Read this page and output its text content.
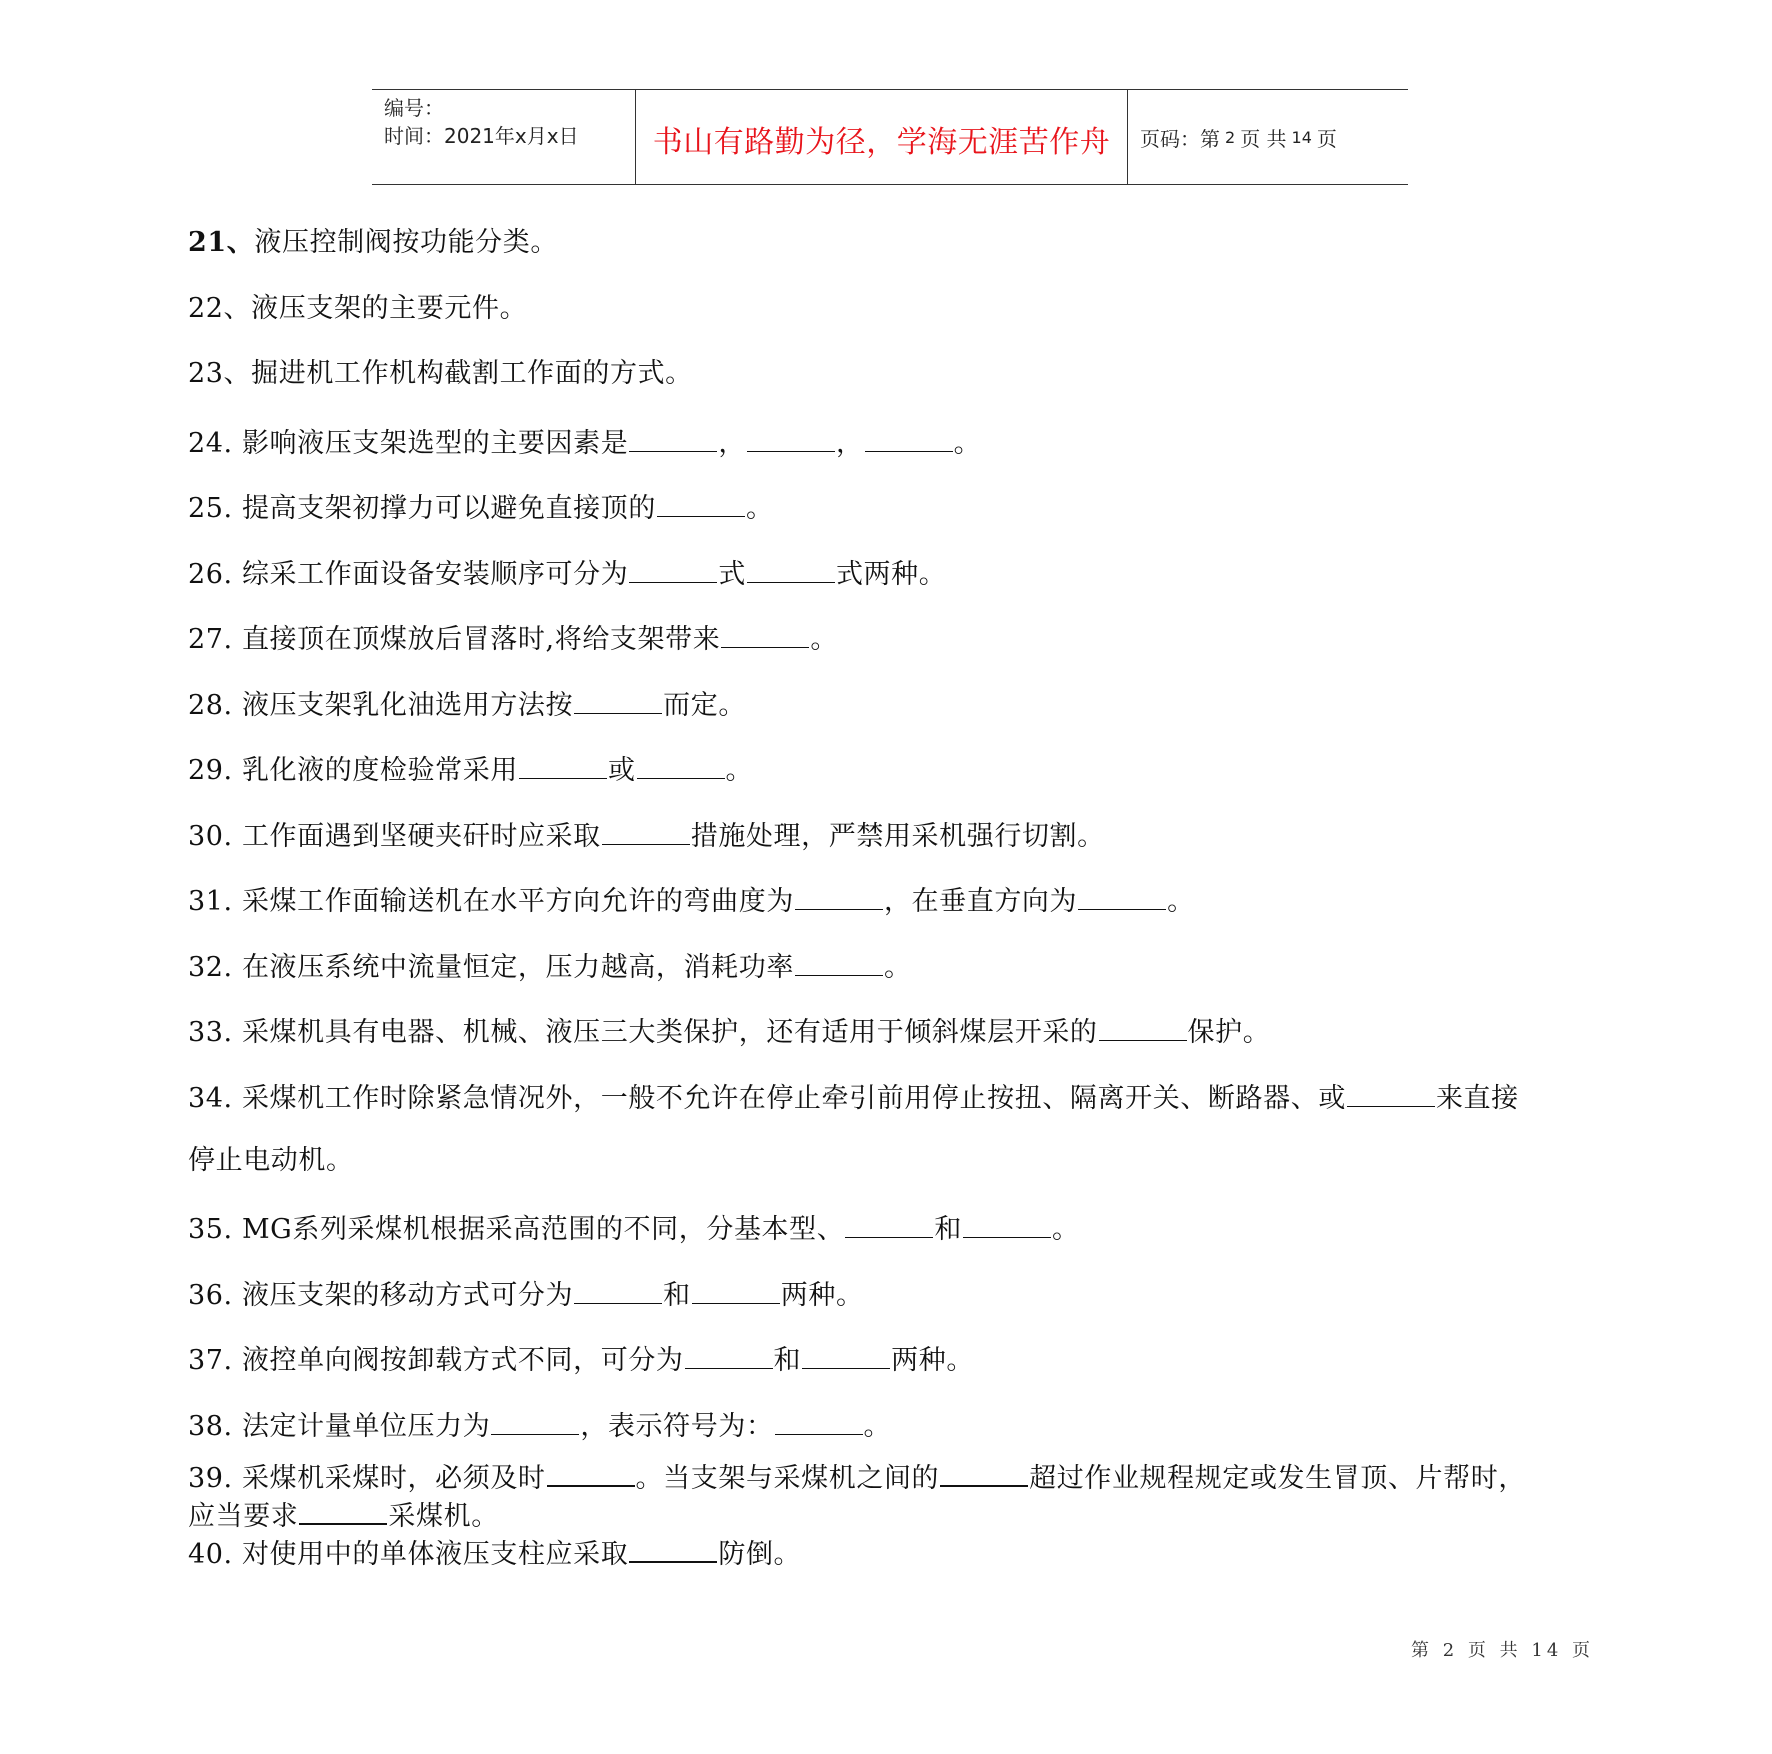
编号：
时间：2021年x月x日 书山有路勤为径，学海无涯苦作舟 页码：第 2 页 共 14 页
21、液压控制阀按功能分类。
22、液压支架的主要元件。
23、掘进机工作机构截割工作面的方式。
24. 影响液压支架选型的主要因素是	，	，	。
25. 提高支架初撑力可以避免直接顶的	。
26. 综采工作面设备安装顺序可分为	式	式两种。
27. 直接顶在顶煤放后冒落时,将给支架带来	。
28. 液压支架乳化油选用方法按	而定。
29. 乳化液的度检验常采用	或	。
30. 工作面遇到坚硬夹矸时应采取	措施处理，严禁用采机强行切割。
31. 采煤工作面输送机在水平方向允许的弯曲度为	，在垂直方向为	。
32. 在液压系统中流量恒定，压力越高，消耗功率	。
33. 采煤机具有电器、机械、液压三大类保护，还有适用于倾斜煤层开采的	保护。
34. 采煤机工作时除紧急情况外，一般不允许在停止牵引前用停止按扭、隔离开关、断路器、或	来直接
停止电动机。
35. MG系列采煤机根据采高范围的不同，分基本型、	和	。
36. 液压支架的移动方式可分为	和	两种。
37. 液控单向阀按卸载方式不同，可分为	和	两种。
38. 法定计量单位压力为	，表示符号为：	。
39. 采煤机采煤时，必须及时	。当支架与采煤机之间的	超过作业规程规定或发生冒顶、片帮时，
应当要求	采煤机。
40. 对使用中的单体液压支柱应采取	防倒。
第 2 页 共 14 页
